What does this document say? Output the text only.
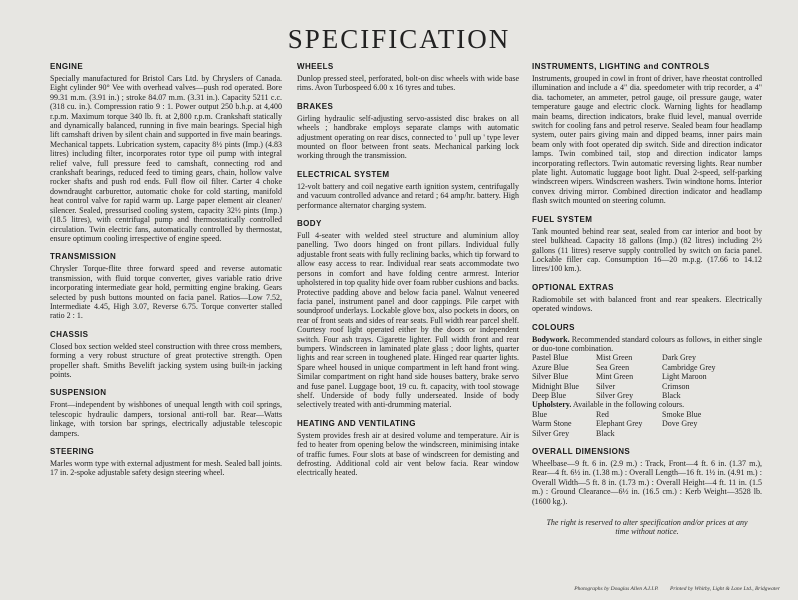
SPECIFICATION
ENGINE

Specially manufactured for Bristol Cars Ltd. by Chryslers of Canada. Eight cylinder 90° Vee with overhead valves—push rod operated. Bore 99.31 m.m. (3.91 in.) ; stroke 84.07 m.m. (3.31 in.). Capacity 5211 c.c. (318 cu. in.). Compression ratio 9 : 1. Power output 250 b.h.p. at 4,400 r.p.m. Maximum torque 340 lb. ft. at 2,800 r.p.m. Crankshaft statically and dynamically balanced, running in five main bearings. Special high lift camshaft driven by silent chain and supported in five main bearings. Mechanical tappets. Lubrication system, capacity 8½ pints (Imp.) (4.83 litres) including filter, incorporates rotor type oil pump with integral relief valve, full pressure feed to camshaft, connecting rod and crankshaft bearings, reduced feed to timing gears, chain, hollow valve rocker shafts and push rod ends. Full flow oil filter. Carter 4 choke downdraught carburettor, automatic choke for cold starting, manifold heat control valve for rapid warm up. Large paper element air cleaner/ silencer. Sealed, pressurised cooling system, capacity 32½ pints (Imp.) (18.5 litres), with centrifugal pump and thermostatically controlled circulation. Twin electric fans, automatically controlled by thermostat, ensure optimum cooling irrespective of engine speed.

TRANSMISSION

Chrysler Torque-flite three forward speed and reverse automatic transmission, with fluid torque converter, gives variable ratio drive incorporating intermediate gear hold, permitting engine braking. Gears selected by push buttons mounted on facia panel. Ratios—Low 7.52, Intermediate 4.45, High 3.07, Reverse 6.75. Torque converter stalled ratio 2 : 1.

CHASSIS

Closed box section welded steel construction with three cross members, forming a very robust structure of great protective strength. Open propeller shaft. Smiths Bevelift jacking system using built-in jacking points.

SUSPENSION

Front—independent by wishbones of unequal length with coil springs, telescopic hydraulic dampers, torsional anti-roll bar. Rear—Watts linkage, with torsion bar springs, electrically adjustable telescopic dampers.

STEERING

Marles worm type with external adjustment for mesh. Sealed ball joints. 17 in. 2-spoke adjustable safety design steering wheel.

WHEELS

Dunlop pressed steel, perforated, bolt-on disc wheels with wide base rims. Avon Turbospeed 6.00 x 16 tyres and tubes.

BRAKES

Girling hydraulic self-adjusting servo-assisted disc brakes on all wheels ; handbrake employs separate clamps with automatic adjustment operating on rear discs, connected to ' pull up ' type lever mounted on floor between front seats. Mechanical parking lock working through the transmission.

ELECTRICAL SYSTEM

12-volt battery and coil negative earth ignition system, centrifugally and vacuum controlled advance and retard ; 64 amp/hr. battery. High performance alternator charging system.

BODY

Full 4-seater with welded steel structure and aluminium alloy panelling. Two doors hinged on front pillars. Individual fully adjustable front seats with fully reclining backs, which tip forward to allow easy access to rear. Individual rear seats accommodate two persons in comfort and have folding centre armrest. Interior upholstered in top quality hide over foam rubber cushions and backs. Protective padding above and below facia panel. Walnut veneered facia panel, instrument panel and door cappings. Pile carpet with soundproof underlays. Lockable glove box, also pockets in doors, on rear of front seats and sides of rear seats. Full width rear parcel shelf. Courtesy roof light operated either by the doors or independent switch. Four ash trays. Cigarette lighter. Full width front and rear bumpers. Windscreen in laminated plate glass ; door lights, quarter lights and rear screen in toughened plate. Hinged rear quarter lights. Spare wheel housed in unique compartment in left hand front wing. Similar compartment on right hand side houses battery, brake servo and fuse panel. Luggage boot, 19 cu. ft. capacity, with tool stowage shelf. Underside of body fully underseated. Inside of body selectively treated with anti-drumming material.

HEATING AND VENTILATING

System provides fresh air at desired volume and temperature. Air is fed to heater from opening below the windscreen, minimising intake of traffic fumes. Four slots at base of windscreen for demisting and defrosting. Additional cold air vent below facia. Rear window electrically heated.

INSTRUMENTS, LIGHTING and CONTROLS

Instruments, grouped in cowl in front of driver, have rheostat controlled illumination and include a 4" dia. speedometer with trip recorder, a 4" dia. tachometer, an ammeter, petrol gauge, oil pressure gauge, water temperature gauge and electric clock. Warning lights for headlamp main beams, direction indicators, brake fluid level, manual override switch for cooling fans and petrol reserve. Sealed beam four headlamp system, outer pairs giving main and dipped beams, inner pairs main beam only with foot operated dip switch. Side and direction indicator lamps. Twin combined tail, stop and direction indicator lamps incorporating reflectors. Twin automatic reversing lights. Rear number plate light. Automatic luggage boot light. Dual 2-speed, self-parking windscreen wipers. Windscreen washers. Twin windtone horns. Interior convex driving mirror. Combined direction indicator and headlamp flash switch mounted on steering column.

FUEL SYSTEM

Tank mounted behind rear seat, sealed from car interior and boot by steel bulkhead. Capacity 18 gallons (Imp.) (82 litres) including 2½ gallons (11 litres) reserve supply controlled by switch on facia panel. Lockable filler cap. Consumption 16—20 m.p.g. (17.66 to 14.12 litres/100 km.).

OPTIONAL EXTRAS

Radiomobile set with balanced front and rear speakers. Electrically operated windows.

COLOURS

Bodywork. Recommended standard colours as follows, in either single or duo-tone combination.

Pastel Blue	Mist Green	Dark Grey
Azure Blue	Sea Green	Cambridge Grey
Silver Blue	Mint Green	Light Maroon
Midnight Blue	Silver	Crimson
Deep Blue	Silver Grey	Black

Upholstery. Available in the following colours.

Blue	Red	Smoke Blue
Warm Stone	Elephant Grey	Dove Grey
Silver Grey	Black
OVERALL DIMENSIONS

Wheelbase—9 ft. 6 in. (2.9 m.) : Track, Front—4 ft. 6 in. (1.37 m.), Rear—4 ft. 6½ in. (1.38 m.) : Overall Length—16 ft. 1½ in. (4.91 m.) : Overall Width—5 ft. 8 in. (1.73 m.) : Overall Height—4 ft. 11 in. (1.5 m.) : Ground Clearance—6½ in. (16.5 cm.) : Kerb Weight—3528 lb. (1600 kg.).

The right is reserved to alter specification and/or prices at any time without notice.
Photographs by Douglas Allen A.I.I.P. Printed by Whitby, Light & Lane Ltd., Bridgwater
